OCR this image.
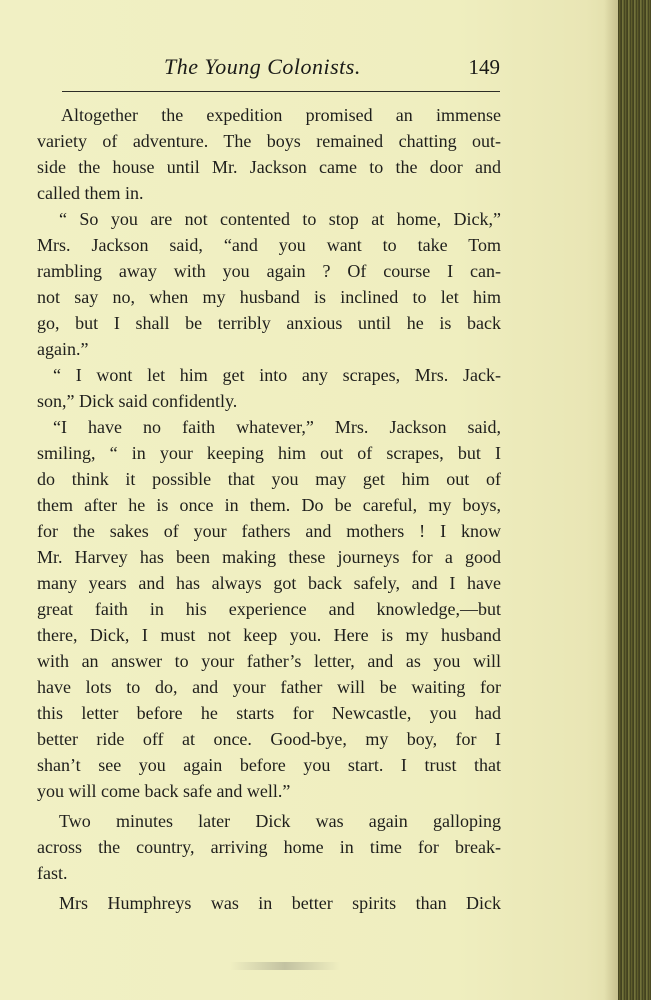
The Young Colonists.	149
Altogether the expedition promised an immense
variety of adventure. The boys remained chatting out-
side the house until Mr. Jackson came to the door and
called them in.
“ So you are not contented to stop at home, Dick,”
Mrs. Jackson said, “and you want to take Tom
rambling away with you again ? Of course I can-
not say no, when my husband is inclined to let him
go, but I shall be terribly anxious until he is back
again.”
“ I wont let him get into any scrapes, Mrs. Jack-
son,” Dick said confidently.
“I have no faith whatever,” Mrs. Jackson said,
smiling, “ in your keeping him out of scrapes, but I
do think it possible that you may get him out of
them after he is once in them. Do be careful, my boys,
for the sakes of your fathers and mothers ! I know
Mr. Harvey has been making these journeys for a good
many years and has always got back safely, and I have
great faith in his experience and knowledge,—but
there, Dick, I must not keep you. Here is my husband
with an answer to your father’s letter, and as you will
have lots to do, and your father will be waiting for
this letter before he starts for Newcastle, you had
better ride off at once. Good-bye, my boy, for I
shan’t see you again before you start. I trust that
you will come back safe and well.”
Two minutes later Dick was again galloping
across the country, arriving home in time for break-
fast.
Mrs Humphreys was in better spirits than Dick
